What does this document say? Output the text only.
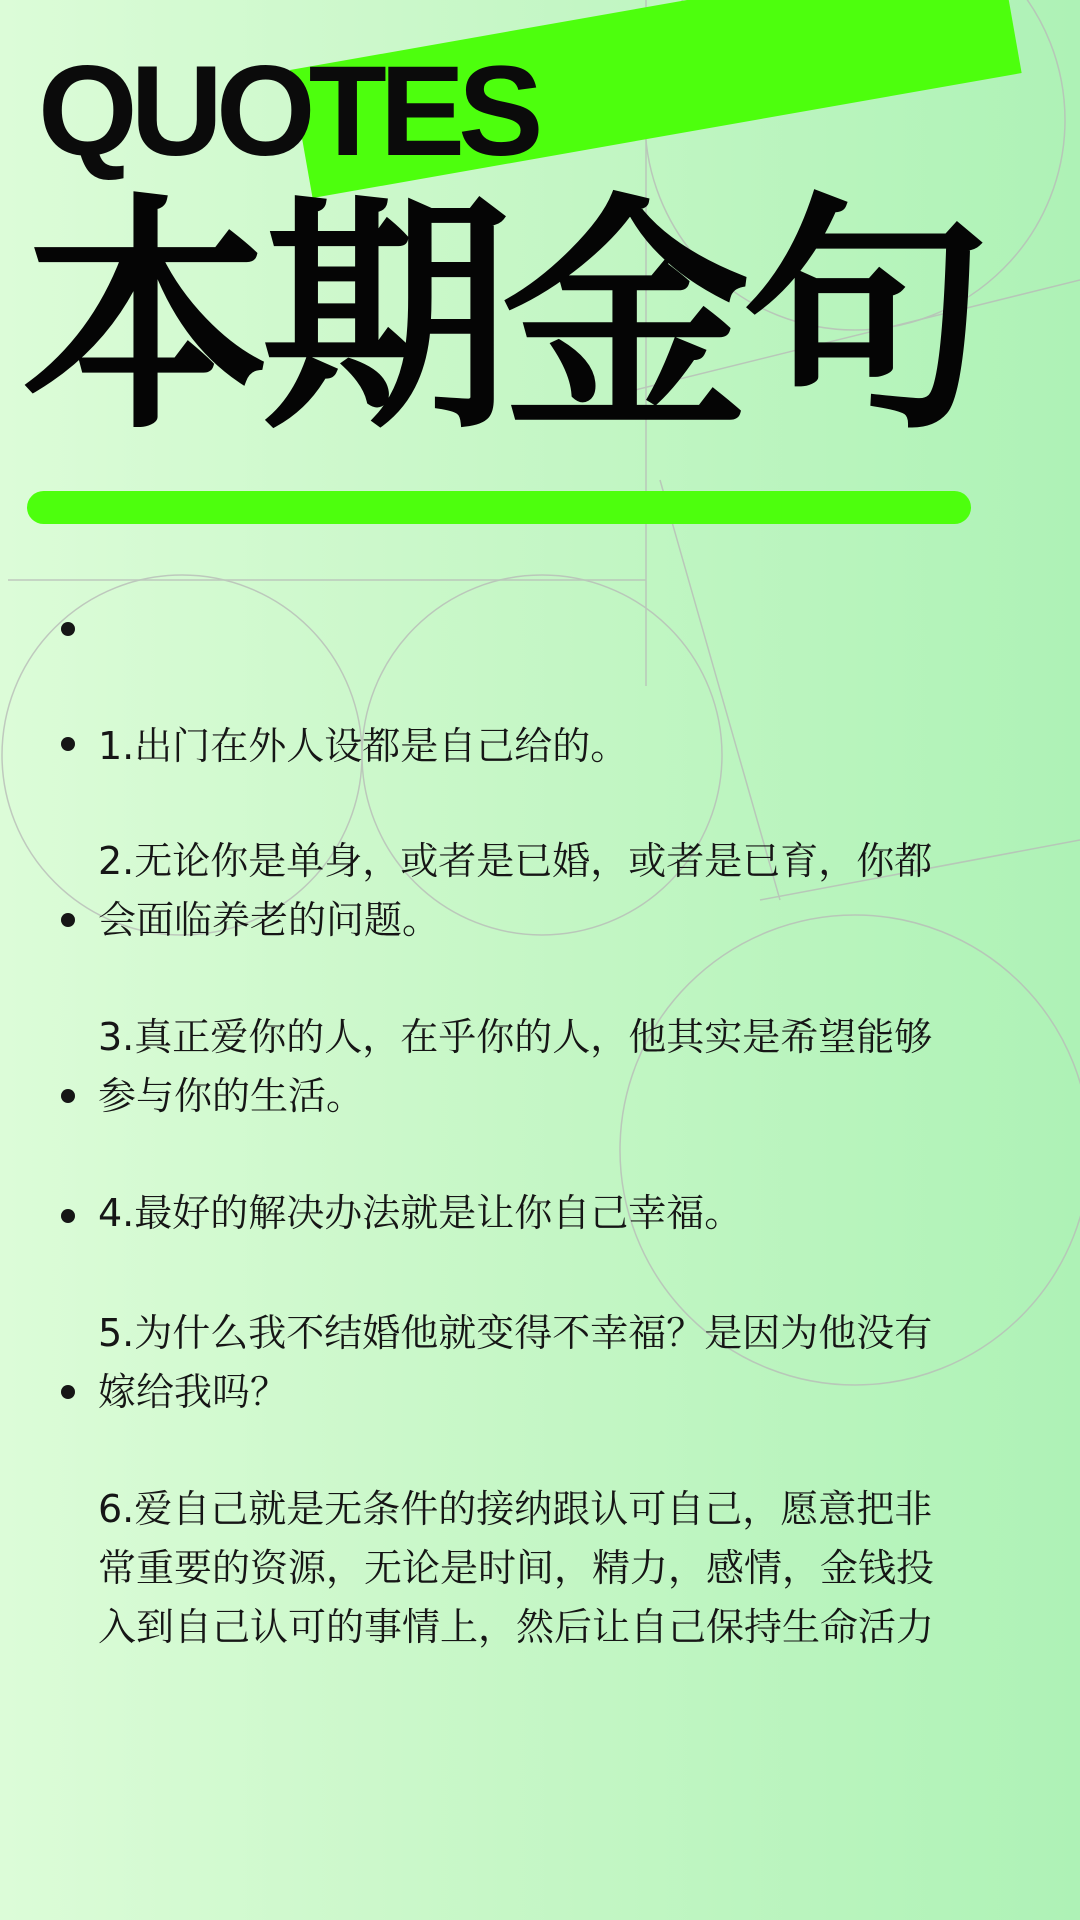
QUOTES
本期金句

1.出门在外人设都是自己给的。

2.无论你是单身，或者是已婚，或者是已育，你都
会面临养老的问题。

3.真正爱你的人，在乎你的人，他其实是希望能够
参与你的生活。

4.最好的解决办法就是让你自己幸福。

5.为什么我不结婚他就变得不幸福？是因为他没有
嫁给我吗？

6.爱自己就是无条件的接纳跟认可自己，愿意把非
常重要的资源，无论是时间，精力，感情，金钱投
入到自己认可的事情上，然后让自己保持生命活力
